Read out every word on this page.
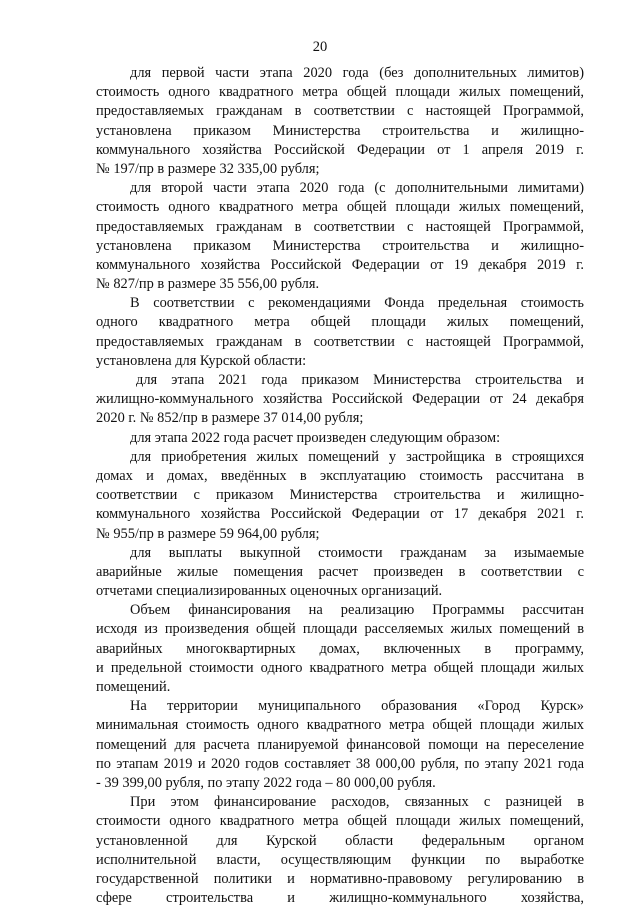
20
для первой части этапа 2020 года (без дополнительных лимитов)
стоимость одного квадратного метра общей площади жилых помещений,
предоставляемых гражданам в соответствии с настоящей Программой,
установлена приказом Министерства строительства и жилищно-
коммунального хозяйства Российской Федерации от 1 апреля 2019 г.
№ 197/пр в размере 32 335,00 рубля;
для второй части этапа 2020 года (с дополнительными лимитами)
стоимость одного квадратного метра общей площади жилых помещений,
предоставляемых гражданам в соответствии с настоящей Программой,
установлена приказом Министерства строительства и жилищно-
коммунального хозяйства Российской Федерации от 19 декабря 2019 г.
№ 827/пр в размере 35 556,00 рубля.
В соответствии с рекомендациями Фонда предельная стоимость
одного квадратного метра общей площади жилых помещений,
предоставляемых гражданам в соответствии с настоящей Программой,
установлена для Курской области:
для этапа 2021 года приказом Министерства строительства и
жилищно-коммунального хозяйства Российской Федерации от 24 декабря
2020 г. № 852/пр в размере 37 014,00 рубля;
для этапа 2022 года расчет произведен следующим образом:
для приобретения жилых помещений у застройщика в строящихся
домах и домах, введённых в эксплуатацию стоимость рассчитана в
соответствии с приказом Министерства строительства и жилищно-
коммунального хозяйства Российской Федерации от 17 декабря 2021 г.
№ 955/пр в размере 59 964,00 рубля;
для выплаты выкупной стоимости гражданам за изымаемые
аварийные жилые помещения расчет произведен в соответствии с
отчетами специализированных оценочных организаций.
Объем финансирования на реализацию Программы рассчитан
исходя из произведения общей площади расселяемых жилых помещений в
аварийных многоквартирных домах, включенных в программу,
и предельной стоимости одного квадратного метра общей площади жилых
помещений.
На территории муниципального образования «Город Курск»
минимальная стоимость одного квадратного метра общей площади жилых
помещений для расчета планируемой финансовой помощи на переселение
по этапам 2019 и 2020 годов составляет 38 000,00 рубля, по этапу 2021 года
- 39 399,00 рубля, по этапу 2022 года – 80 000,00 рубля.
При этом финансирование расходов, связанных с разницей в
стоимости одного квадратного метра общей площади жилых помещений,
установленной для Курской области федеральным органом
исполнительной власти, осуществляющим функции по выработке
государственной политики и нормативно-правовому регулированию в
сфере строительства и жилищно-коммунального хозяйства,
